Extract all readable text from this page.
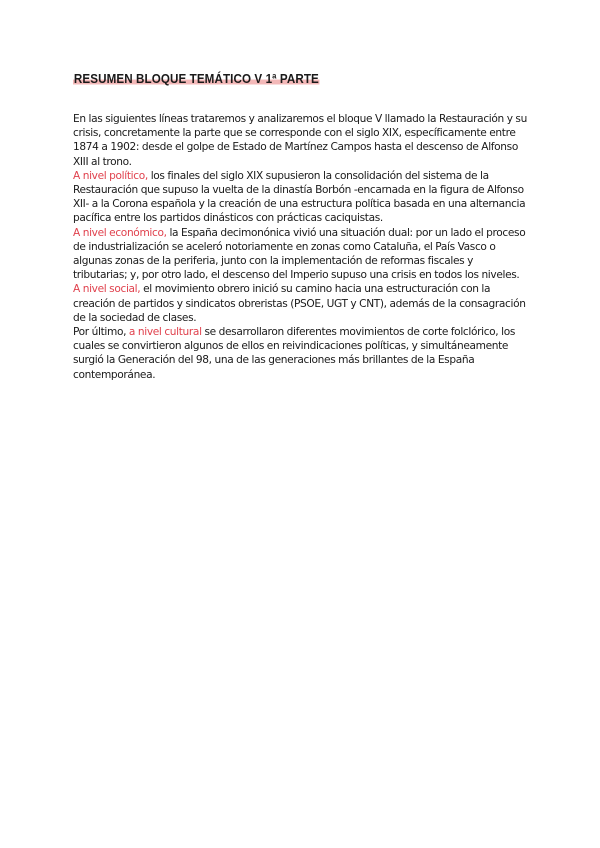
RESUMEN BLOQUE TEMÁTICO V 1ª PARTE

En las siguientes líneas trataremos y analizaremos el bloque V llamado la Restauración y su crisis, concretamente la parte que se corresponde con el siglo XIX, específicamente entre 1874 a 1902: desde el golpe de Estado de Martínez Campos hasta el descenso de Alfonso XIII al trono.

A nivel político, los finales del siglo XIX supusieron la consolidación del sistema de la Restauración que supuso la vuelta de la dinastía Borbón -encarnada en la figura de Alfonso XII- a la Corona española y la creación de una estructura política basada en una alternancia pacífica entre los partidos dinásticos con prácticas caciquistas.

A nivel económico, la España decimonónica vivió una situación dual: por un lado el proceso de industrialización se aceleró notoriamente en zonas como Cataluña, el País Vasco o algunas zonas de la periferia, junto con la implementación de reformas fiscales y tributarias; y, por otro lado, el descenso del Imperio supuso una crisis en todos los niveles.

A nivel social, el movimiento obrero inició su camino hacia una estructuración con la creación de partidos y sindicatos obreristas (PSOE, UGT y CNT), además de la consagración de la sociedad de clases.

Por último, a nivel cultural se desarrollaron diferentes movimientos de corte folclórico, los cuales se convirtieron algunos de ellos en reivindicaciones políticas, y simultáneamente surgió la Generación del 98, una de las generaciones más brillantes de la España contemporánea.
